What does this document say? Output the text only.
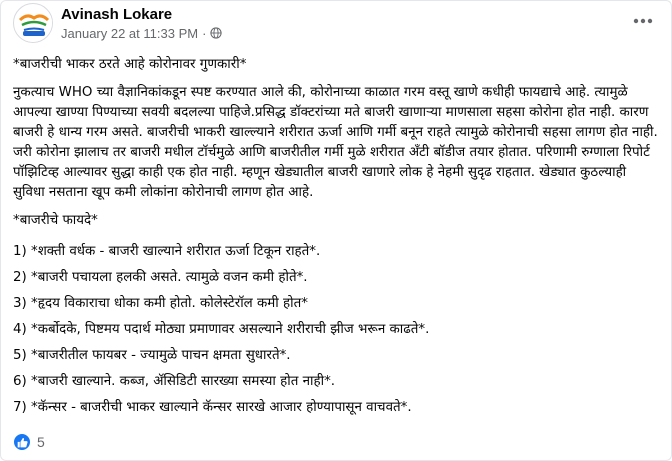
Avinash Lokare
January 22 at 11:33 PM ·

*बाजरीची भाकर ठरते आहे कोरोनावर गुणकारी*

नुकत्याच WHO च्या वैज्ञानिकांकडून स्पष्ट करण्यात आले की, कोरोनाच्या काळात गरम वस्तू खाणे कधीही फायद्याचे आहे. त्यामुळे आपल्या खाण्या पिण्याच्या सवयी बदलल्या पाहिजे.प्रसिद्ध डॉक्टरांच्या मते बाजरी खाणाऱ्या माणसाला सहसा कोरोना होत नाही. कारण बाजरी हे धान्य गरम असते. बाजरीची भाकरी खाल्ल्याने शरीरात ऊर्जा आणि गर्मी बनून राहते त्यामुळे कोरोनाची सहसा लागण होत नाही. जरी कोरोना झालाच तर बाजरी मधील टॉर्चमुळे आणि बाजरीतील गर्मी मुळे शरीरात अँटी बॉडीज तयार होतात. परिणामी रुग्णाला रिपोर्ट पॉझिटिव्ह आल्यावर सुद्धा काही एक होत नाही. म्हणून खेड्यातील बाजरी खाणारे लोक हे नेहमी सुदृढ राहतात. खेड्यात कुठल्याही सुविधा नसताना खूप कमी लोकांना कोरोनाची लागण होत आहे.

*बाजरीचे फायदे*

1) *शक्ती वर्धक - बाजरी खाल्याने शरीरात ऊर्जा टिकून राहते*.

2) *बाजरी पचायला हलकी असते. त्यामुळे वजन कमी होते*.

3) *हृदय विकाराचा धोका कमी होतो. कोलेस्टेरॉल कमी होत*

4) *कर्बोदके, पिष्टमय पदार्थ मोठ्या प्रमाणावर असल्याने शरीराची झीज भरून काढते*.

5) *बाजरीतील फायबर - ज्यामुळे पाचन क्षमता सुधारते*.

6) *बाजरी खाल्याने. कब्ज, ॲसिडिटी सारख्या समस्या होत नाही*.

7) *कॅन्सर - बाजरीची भाकर खाल्याने कॅन्सर सारखे आजार होण्यापासून वाचवते*.

5
